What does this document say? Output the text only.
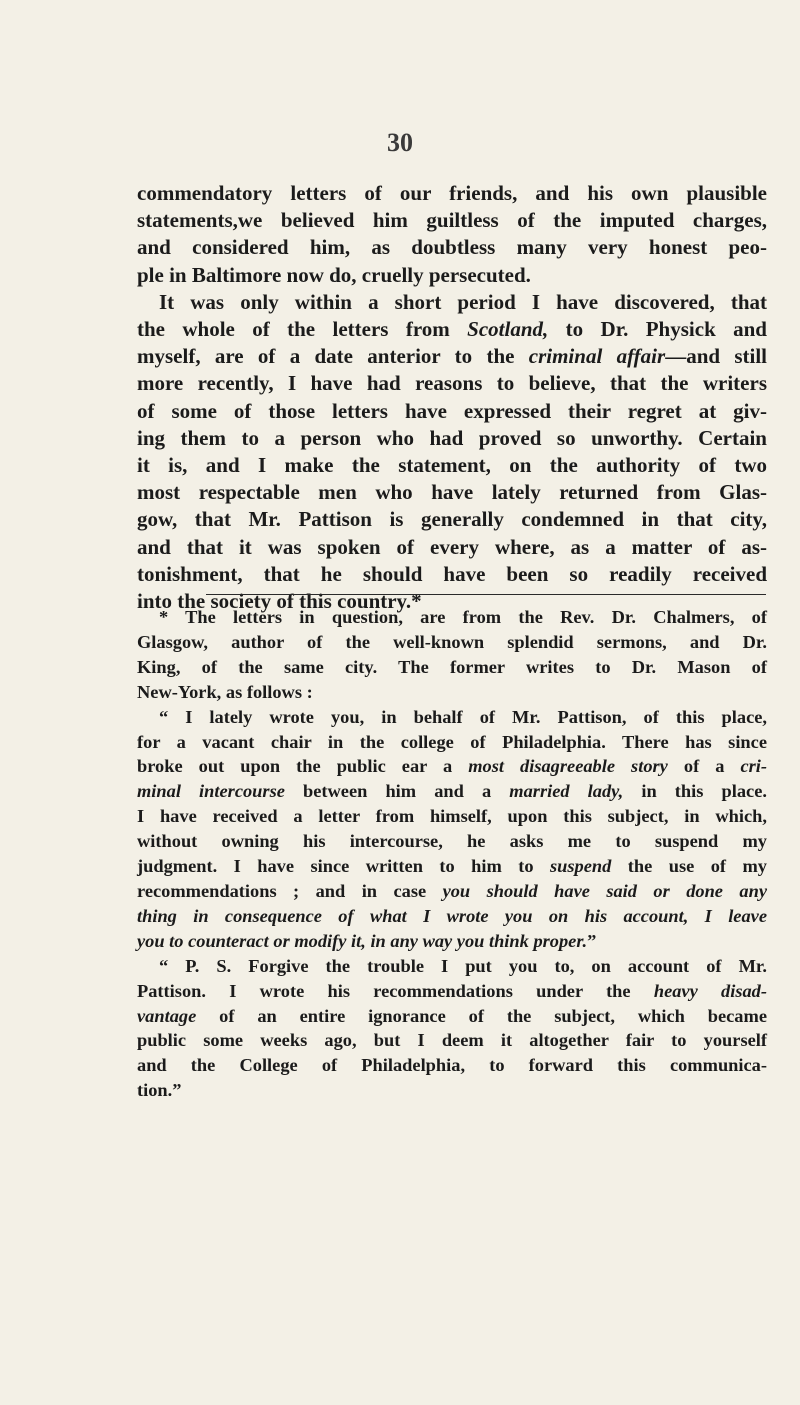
30
commendatory letters of our friends, and his own plausible
statements,we believed him guiltless of the imputed charges,
and considered him, as doubtless many very honest peo-
ple in Baltimore now do, cruelly persecuted.
It was only within a short period I have discovered, that
the whole of the letters from Scotland, to Dr. Physick and
myself, are of a date anterior to the criminal affair—and still
more recently, I have had reasons to believe, that the writers
of some of those letters have expressed their regret at giv-
ing them to a person who had proved so unworthy. Certain
it is, and I make the statement, on the authority of two
most respectable men who have lately returned from Glas-
gow, that Mr. Pattison is generally condemned in that city,
and that it was spoken of every where, as a matter of as-
tonishment, that he should have been so readily received
into the society of this country.*
* The letters in question, are from the Rev. Dr. Chalmers, of
Glasgow, author of the well-known splendid sermons, and Dr.
King, of the same city. The former writes to Dr. Mason of
New-York, as follows :
“ I lately wrote you, in behalf of Mr. Pattison, of this place,
for a vacant chair in the college of Philadelphia. There has since
broke out upon the public ear a most disagreeable story of a cri-
minal intercourse between him and a married lady, in this place.
I have received a letter from himself, upon this subject, in which,
without owning his intercourse, he asks me to suspend my
judgment. I have since written to him to suspend the use of my
recommendations ; and in case you should have said or done any
thing in consequence of what I wrote you on his account, I leave
you to counteract or modify it, in any way you think proper.”
“ P. S. Forgive the trouble I put you to, on account of Mr.
Pattison. I wrote his recommendations under the heavy disad-
vantage of an entire ignorance of the subject, which became
public some weeks ago, but I deem it altogether fair to yourself
and the College of Philadelphia, to forward this communica-
tion.”
